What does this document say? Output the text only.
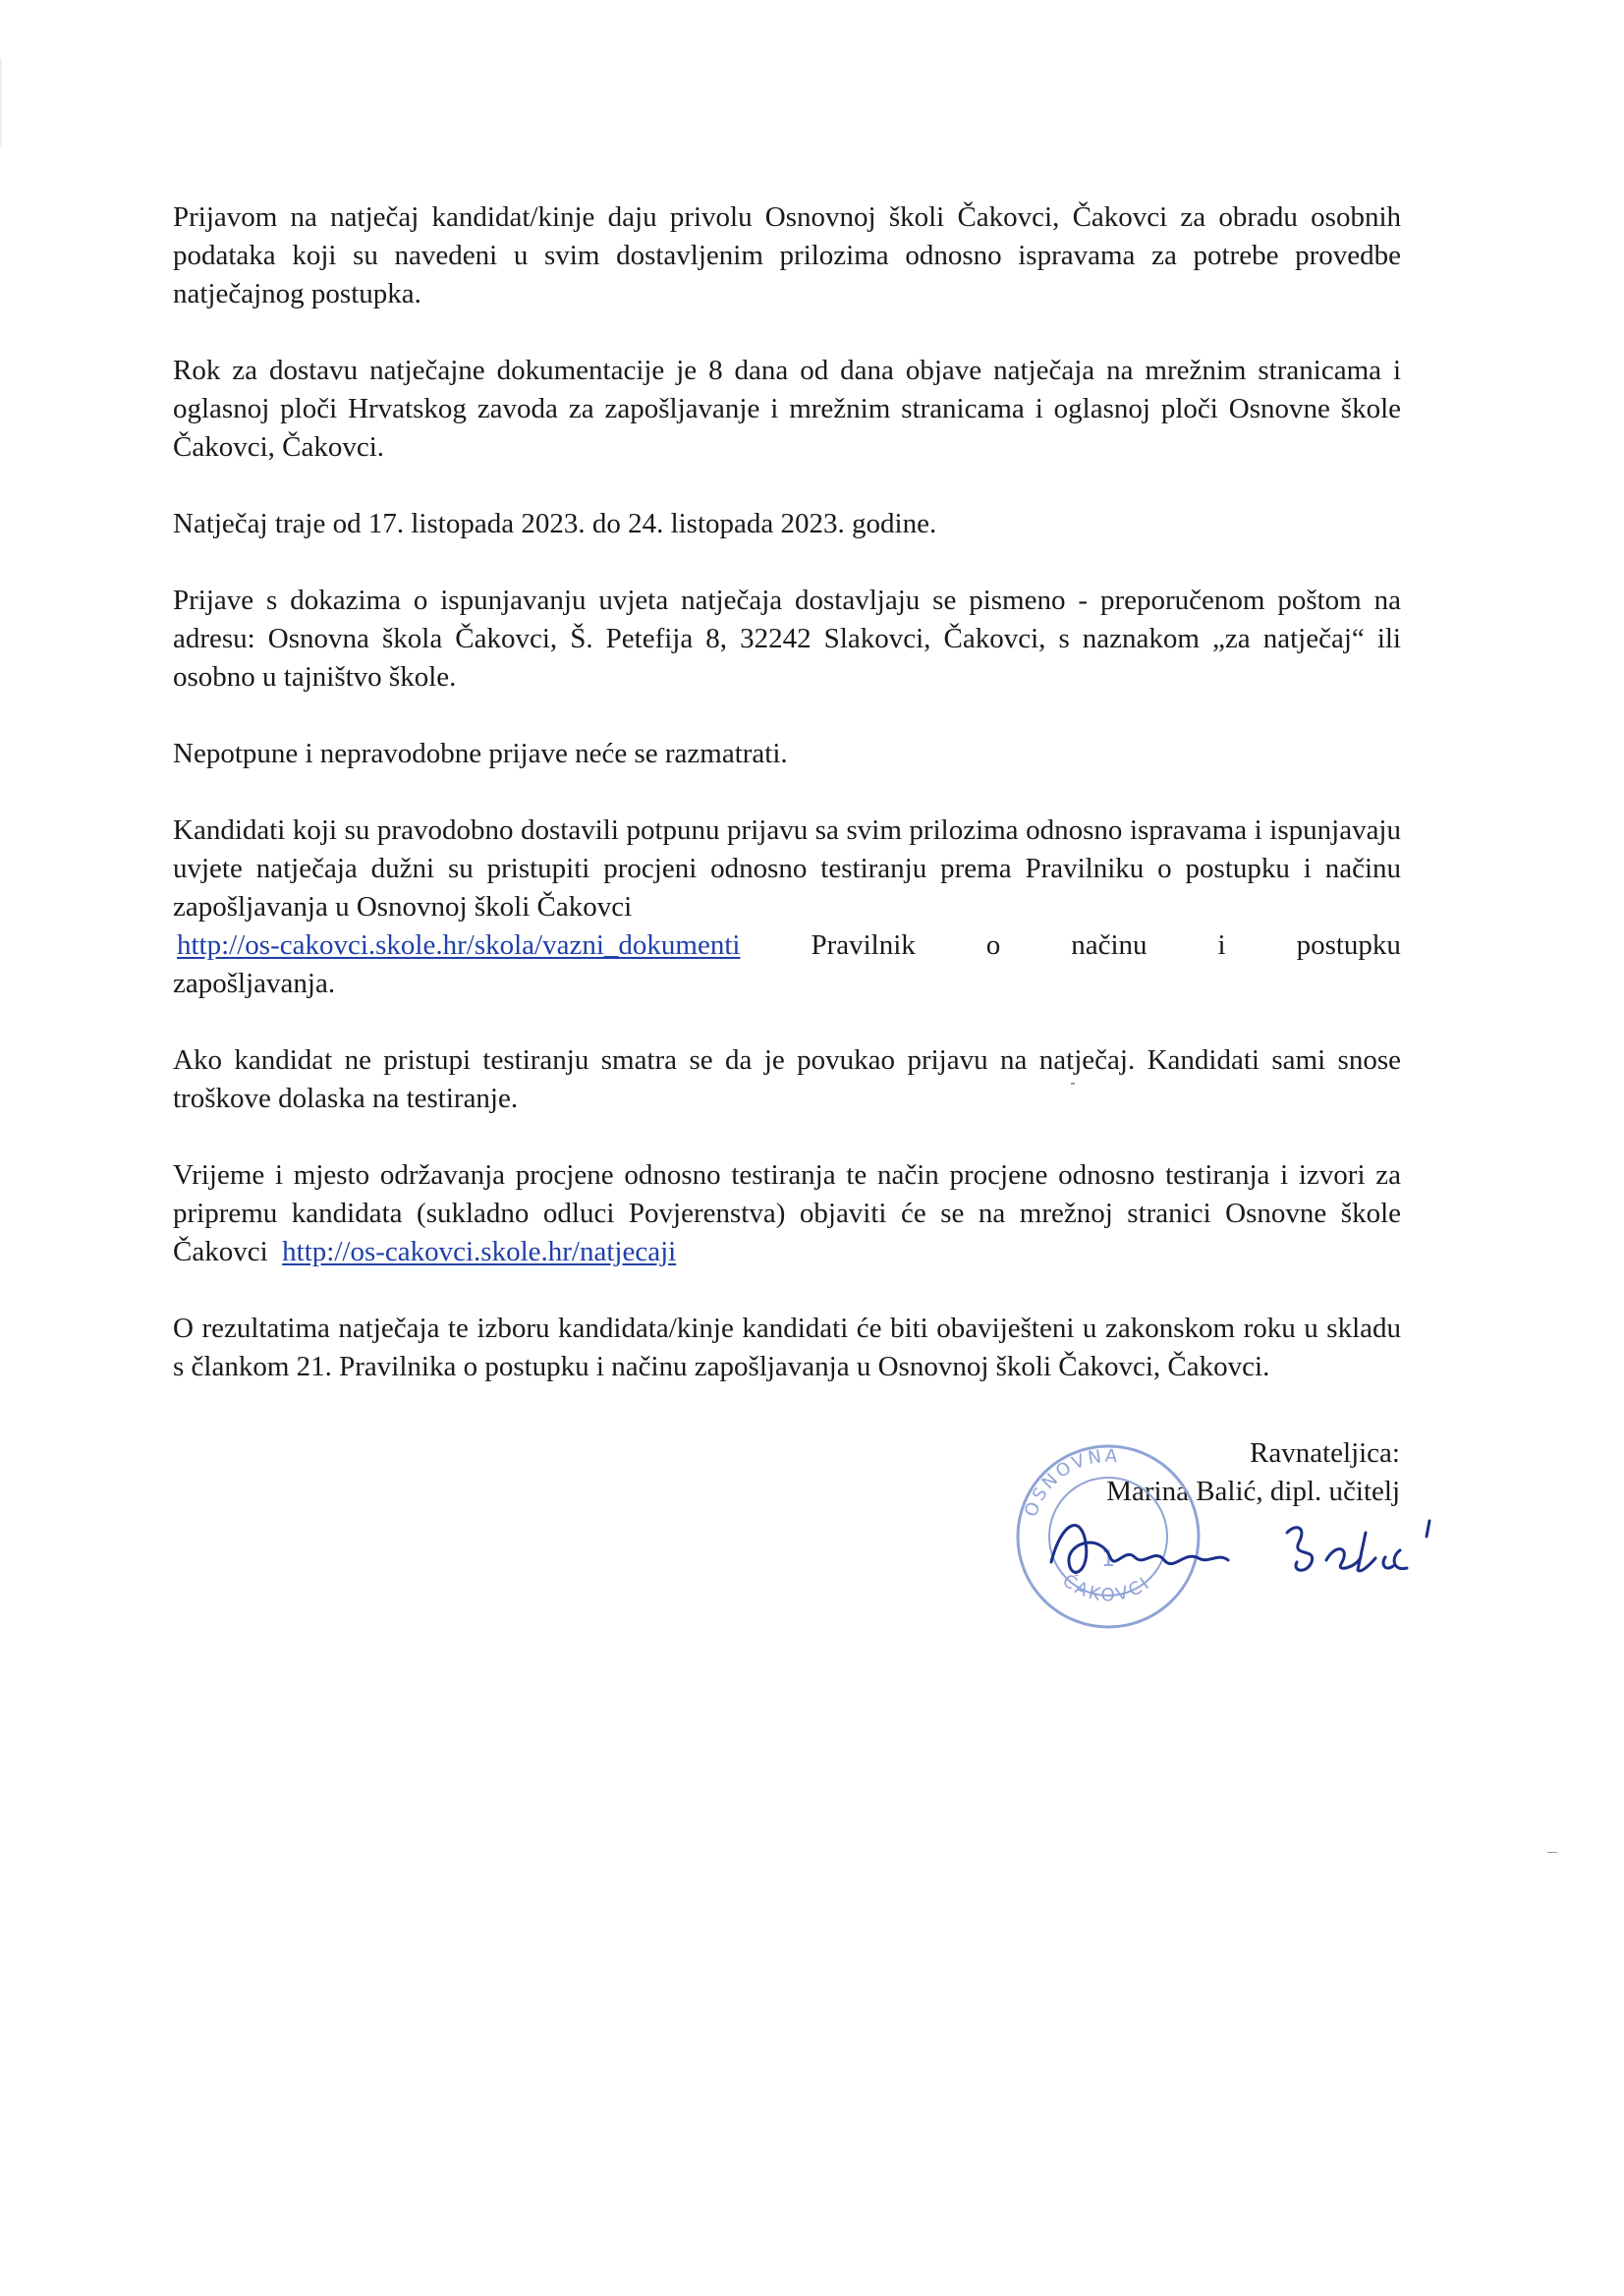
Prijavom na natječaj kandidat/kinje daju privolu Osnovnoj školi Čakovci, Čakovci za obradu osobnih podataka koji su navedeni u svim dostavljenim prilozima odnosno ispravama za potrebe provedbe natječajnog postupka.

Rok za dostavu natječajne dokumentacije je 8 dana od dana objave natječaja na mrežnim stranicama i oglasnoj ploči Hrvatskog zavoda za zapošljavanje i mrežnim stranicama i oglasnoj ploči Osnovne škole Čakovci, Čakovci.

Natječaj traje od 17. listopada 2023. do 24. listopada 2023. godine.

Prijave s dokazima o ispunjavanju uvjeta natječaja dostavljaju se pismeno - preporučenom poštom na adresu: Osnovna škola Čakovci, Š. Petefija 8, 32242 Slakovci, Čakovci, s naznakom „za natječaj“ ili osobno u tajništvo škole.

Nepotpune i nepravodobne prijave neće se razmatrati.

Kandidati koji su pravodobno dostavili potpunu prijavu sa svim prilozima odnosno ispravama i ispunjavaju uvjete natječaja dužni su pristupiti procjeni odnosno testiranju prema Pravilniku o postupku i načinu zapošljavanja u Osnovnoj školi Čakovci
http://os-cakovci.skole.hr/skola/vazni_dokumenti Pravilnik o načinu i postupku
zapošljavanja.

Ako kandidat ne pristupi testiranju smatra se da je povukao prijavu na natječaj. Kandidati sami snose troškove dolaska na testiranje.

Vrijeme i mjesto održavanja procjene odnosno testiranja te način procjene odnosno testiranja i izvori za pripremu kandidata (sukladno odluci Povjerenstva) objaviti će se na mrežnoj stranici Osnovne škole Čakovci http://os-cakovci.skole.hr/natjecaji

O rezultatima natječaja te izboru kandidata/kinje kandidati će biti obaviješteni u zakonskom roku u skladu s člankom 21. Pravilnika o postupku i načinu zapošljavanja u Osnovnoj školi Čakovci, Čakovci.

Ravnateljica:
Marina Balić, dipl. učitelj
OSNOVNA
ČAKOVCI
1
